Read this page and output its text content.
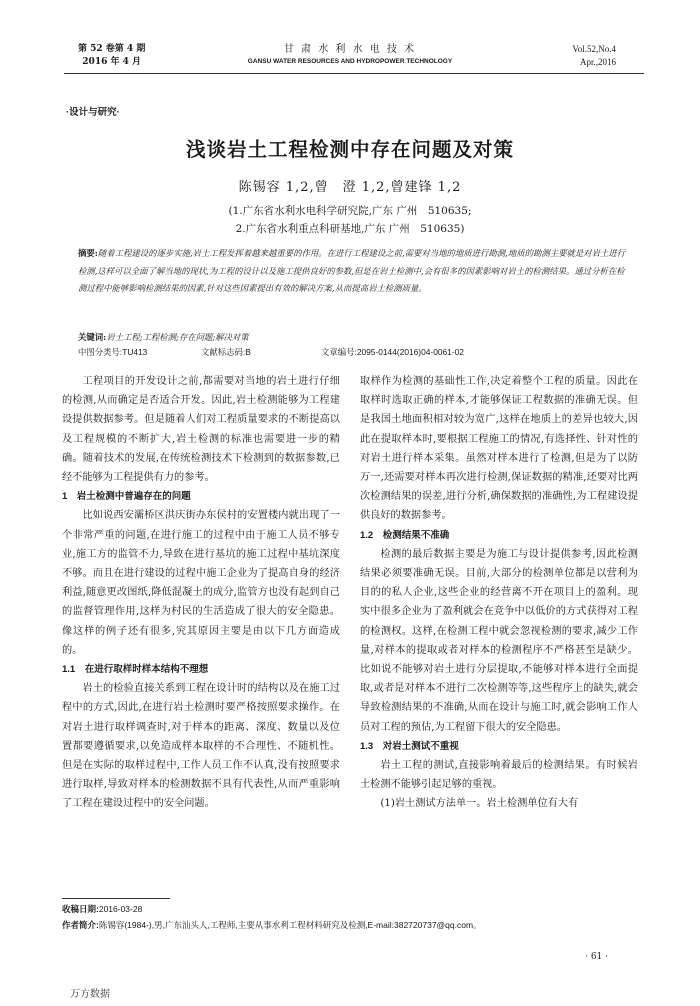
第 52 卷第 4 期
2016 年 4 月
甘 肃 水 利 水 电 技 术
GANSU WATER RESOURCES AND HYDROPOWER TECHNOLOGY
Vol.52,No.4
Apr.,2016
·设计与研究·
浅谈岩土工程检测中存在问题及对策
陈锡容 1,2,曾　澄 1,2,曾建锋 1,2
(1.广东省水利水电科学研究院,广东 广州　510635;
2.广东省水利重点科研基地,广东 广州　510635)
摘要:随着工程建设的逐步实施,岩土工程发挥着越来越重要的作用。在进行工程建设之前,需要对当地的地质进行勘测,地质的勘测主要就是对岩土进行检测,这样可以全面了解当地的现状,为工程的设计以及施工提供良好的参数,但是在岩土检测中,会有很多的因素影响对岩土的检测结果。通过分析在检测过程中能够影响检测结果的因素,针对这些因素提出有效的解决方案,从而提高岩土检测质量。
关键词:岩土工程;工程检测;存在问题;解决对策
中图分类号:TU413	文献标志码:B	文章编号:2095-0144(2016)04-0061-02

工程项目的开发设计之前,都需要对当地的岩土进行仔细的检测,从而确定是否适合开发。因此,岩土检测能够为工程建设提供数据参考。但是随着人们对工程质量要求的不断提高以及工程规模的不断扩大,岩土检测的标准也需要进一步的精确。随着技术的发展,在传统检测技术下检测到的数据参数,已经不能够为工程提供有力的参考。

1　岩土检测中普遍存在的问题

比如说西安灞桥区洪庆街办东侯村的安置楼内就出现了一个非常严重的问题,在进行施工的过程中由于施工人员不够专业,施工方的监管不力,导致在进行基坑的施工过程中基坑深度不够。而且在进行建设的过程中施工企业为了提高自身的经济利益,随意更改图纸,降低混凝土的成分,监管方也没有起到自己的监督管理作用,这样为村民的生活造成了很大的安全隐患。像这样的例子还有很多,究其原因主要是由以下几方面造成的。

1.1　在进行取样时样本结构不理想

岩土的检验直接关系到工程在设计时的结构以及在施工过程中的方式,因此,在进行岩土检测时要严格按照要求操作。在对岩土进行取样调查时,对于样本的距离、深度、数量以及位置都要遵循要求,以免造成样本取样的不合理性、不随机性。但是在实际的取样过程中,工作人员工作不认真,没有按照要求进行取样,导致对样本的检测数据不具有代表性,从而严重影响了工程在建设过程中的安全问题。

取样作为检测的基础性工作,决定着整个工程的质量。因此在取样时选取正确的样本,才能够保证工程数据的准确无误。但是我国土地面积相对较为宽广,这样在地质上的差异也较大,因此在提取样本时,要根据工程施工的情况,有选择性、针对性的对岩土进行样本采集。虽然对样本进行了检测,但是为了以防万一,还需要对样本再次进行检测,保证数据的精准,还要对比两次检测结果的误差,进行分析,确保数据的准确性,为工程建设提供良好的数据参考。

1.2　检测结果不准确

检测的最后数据主要是为施工与设计提供参考,因此检测结果必须要准确无误。目前,大部分的检测单位都是以营利为目的的私人企业,这些企业的经营离不开在项目上的盈利。现实中很多企业为了盈利就会在竞争中以低价的方式获得对工程的检测权。这样,在检测工程中就会忽视检测的要求,减少工作量,对样本的提取或者对样本的检测程序不严格甚至是缺少。比如说不能够对岩土进行分层提取,不能够对样本进行全面提取,或者是对样本不进行二次检测等等,这些程序上的缺失,就会导致检测结果的不准确,从而在设计与施工时,就会影响工作人员对工程的预估,为工程留下很大的安全隐患。

1.3　对岩土测试不重视

岩土工程的测试,直接影响着最后的检测结果。有时候岩土检测不能够引起足够的重视。

(1)岩土测试方法单一。岩土检测单位有大有

收稿日期:2016-03-28
作者简介:陈锡容(1984-),男,广东汕头人,工程师,主要从事水利工程材料研究及检测,E-mail:382720737@qq.com。
· 61 ·
万方数据
